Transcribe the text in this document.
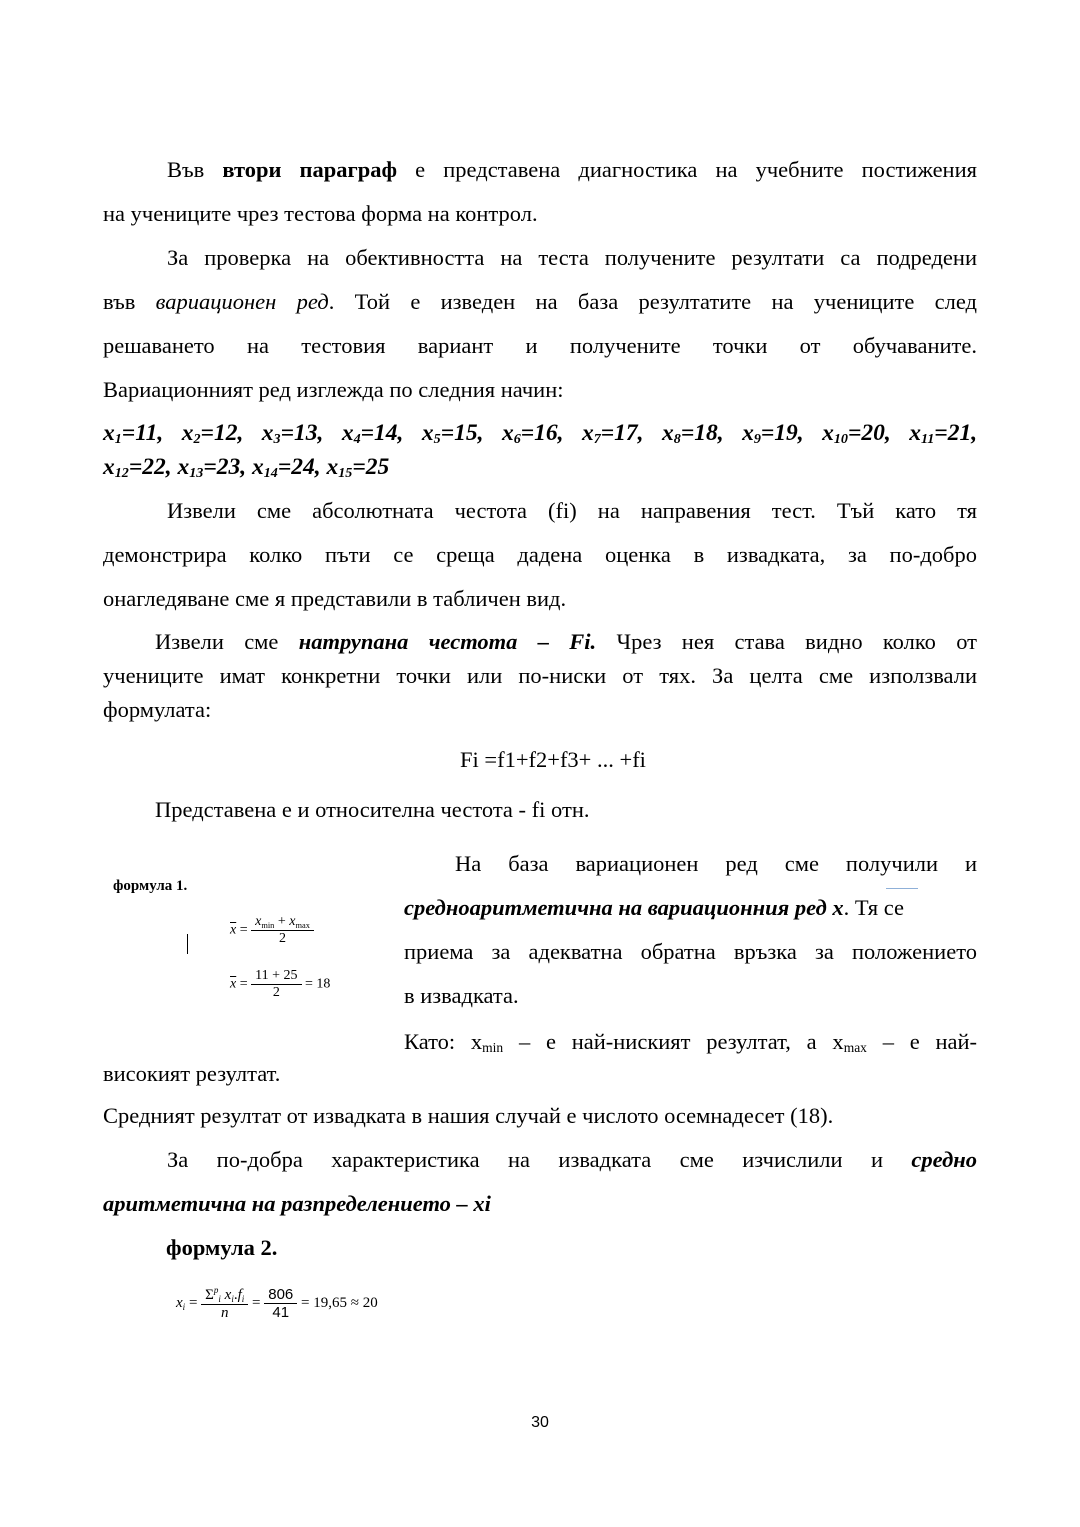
Във втори параграф е представена диагностика на учебните постижения

на учениците чрез тестова форма на контрол.

За проверка на обективността на теста получените резултати са подредени

във вариационен ред. Той е изведен на база резултатите на учениците след

решаването на тестовия вариант и получените точки от обучаваните.

Вариационният ред изглежда по следния начин:

$x_1=11$, $x_2=12$, $x_3=13$, $x_4=14$, $x_5=15$, $x_6=16$, $x_7=17$, $x_8=18$, $x_9=19$, $x_{10}=20$, $x_{11}=21$,
$x_{12}=22$, $x_{13}=23$, $x_{14}=24$, $x_{15}=25$

Извели сме абсолютната честота (fi) на направения тест. Тъй като тя

демонстрира колко пъти се среща дадена оценка в извадката, за по-добро

онагледяване сме я представили в табличен вид.

Извели сме натрупана честота – Fi. Чрез нея става видно колко от

учениците имат конкретни точки или по-ниски от тях. За целта сме използвали

формулата:

Fi =f1+f2+f3+ ... +fi

Представена е и относителна честота - fi отн.

формула 1.
$\overline{x} = \frac{x_{min} + x_{max}}{2}$
$\overline{x} = \frac{11 + 25}{2} = 18$

На база вариационен ред сме получили и

средноаритметична на вариационния ред х. Тя се

приема за адекватна обратна връзка за положението

в извадката.

Като: $x_{min}$ – е най-ниският резултат, а $x_{max}$ – е най-

високият резултат.

Средният резултат от извадката в нашия случай е числото осемнадесет (18).

За по-добра характеристика на извадката сме изчислили и средно

аритметична на разпределението – xi

формула 2.

$x_i = \frac{\Sigma^p_i x_i.f_i}{n} = \frac{806}{41} = 19,65 \approx 20$
30
